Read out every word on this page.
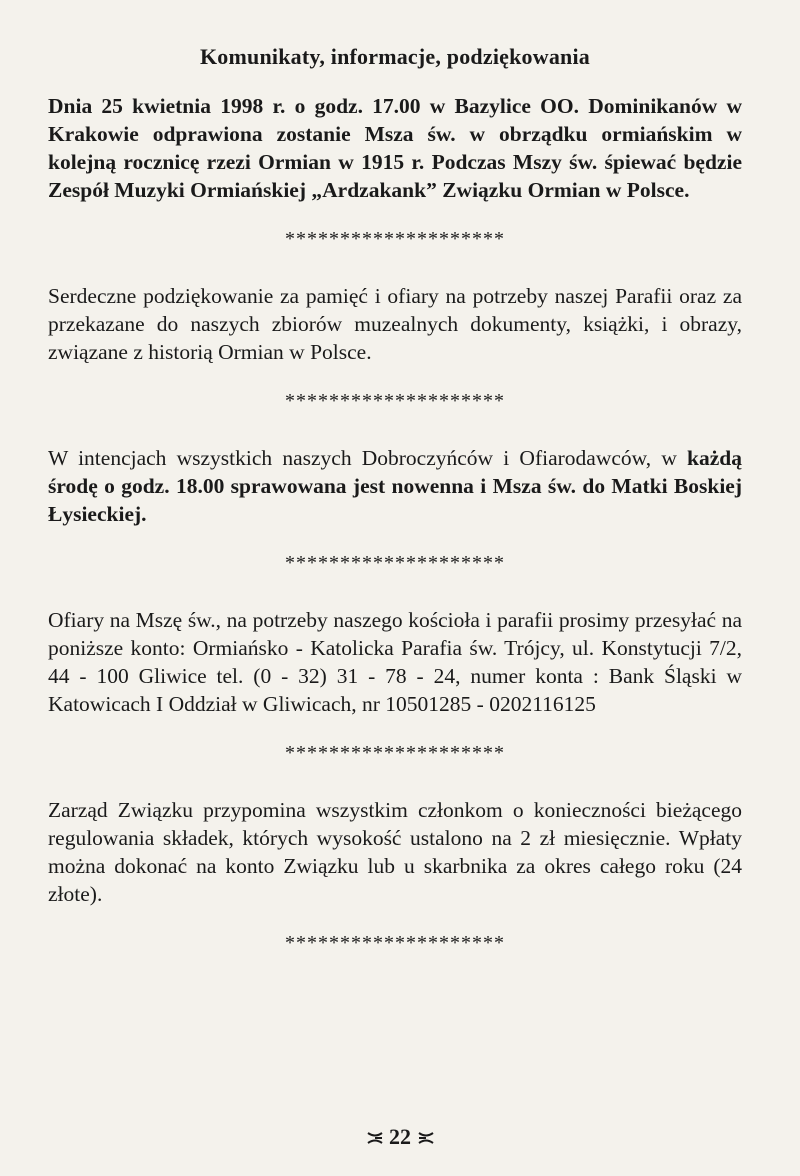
Komunikaty, informacje, podziękowania

Dnia 25 kwietnia 1998 r. o godz. 17.00 w Bazylice OO. Dominikanów w Krakowie odprawiona zostanie Msza św. w obrządku ormiańskim w kolejną rocznicę rzezi Ormian w 1915 r. Podczas Mszy św. śpiewać będzie Zespół Muzyki Ormiańskiej „Ardzakank” Związku Ormian w Polsce.

********************

Serdeczne podziękowanie za pamięć i ofiary na potrzeby naszej Parafii oraz za przekazane do naszych zbiorów muzealnych dokumenty, książki, i obrazy, związane z historią Ormian w Polsce.

********************

W intencjach wszystkich naszych Dobroczyńców i Ofiarodawców, w każdą środę o godz. 18.00 sprawowana jest nowenna i Msza św. do Matki Boskiej Łysieckiej.

********************

Ofiary na Mszę św., na potrzeby naszego kościoła i parafii prosimy przesyłać na poniższe konto: Ormiańsko - Katolicka Parafia św. Trójcy, ul. Konstytucji 7/2, 44 - 100 Gliwice tel. (0 - 32) 31 - 78 - 24, numer konta : Bank Śląski w Katowicach I Oddział w Gliwicach, nr 10501285 - 0202116125

********************

Zarząd Związku przypomina wszystkim członkom o konieczności bieżącego regulowania składek, których wysokość ustalono na 2 zł miesięcznie. Wpłaty można dokonać na konto Związku lub u skarbnika za okres całego roku (24 złote).

********************
22
